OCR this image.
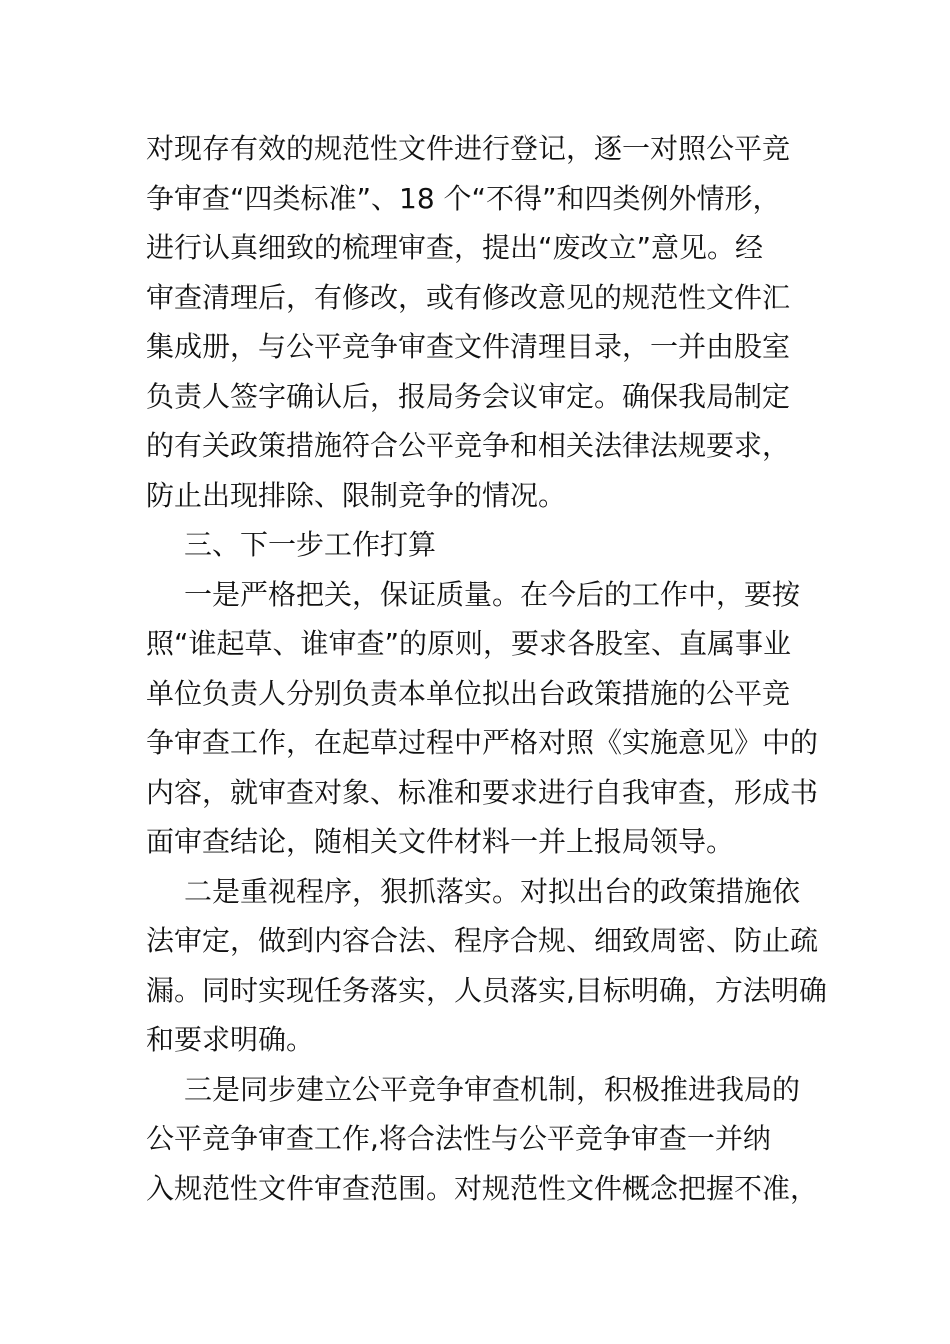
对现存有效的规范性文件进行登记，逐一对照公平竞
争审查“四类标准”、18 个“不得”和四类例外情形，
进行认真细致的梳理审查，提出“废改立”意见。经
审查清理后，有修改，或有修改意见的规范性文件汇
集成册，与公平竞争审查文件清理目录，一并由股室
负责人签字确认后，报局务会议审定。确保我局制定
的有关政策措施符合公平竞争和相关法律法规要求，
防止出现排除、限制竞争的情况。
三、下一步工作打算
一是严格把关，保证质量。在今后的工作中，要按
照“谁起草、谁审查”的原则，要求各股室、直属事业
单位负责人分别负责本单位拟出台政策措施的公平竞
争审查工作，在起草过程中严格对照《实施意见》中的
内容，就审查对象、标准和要求进行自我审查，形成书
面审查结论，随相关文件材料一并上报局领导。
二是重视程序，狠抓落实。对拟出台的政策措施依
法审定，做到内容合法、程序合规、细致周密、防止疏
漏。同时实现任务落实，人员落实,目标明确，方法明确
和要求明确。
三是同步建立公平竞争审查机制，积极推进我局的
公平竞争审查工作,将合法性与公平竞争审查一并纳
入规范性文件审查范围。对规范性文件概念把握不准，
